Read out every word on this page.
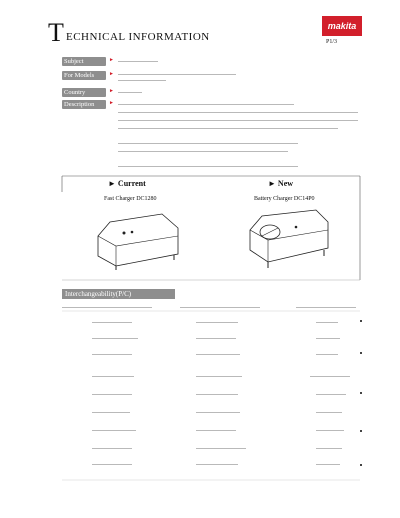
T ECHNICAL INFORMATION
makita
P1/3
Subject
For Models
Country
Description
►
►
►
►
► Current	► New
Fast Charger DC1280	Battery Charger DC14P0
Interchangeability(P/C)
